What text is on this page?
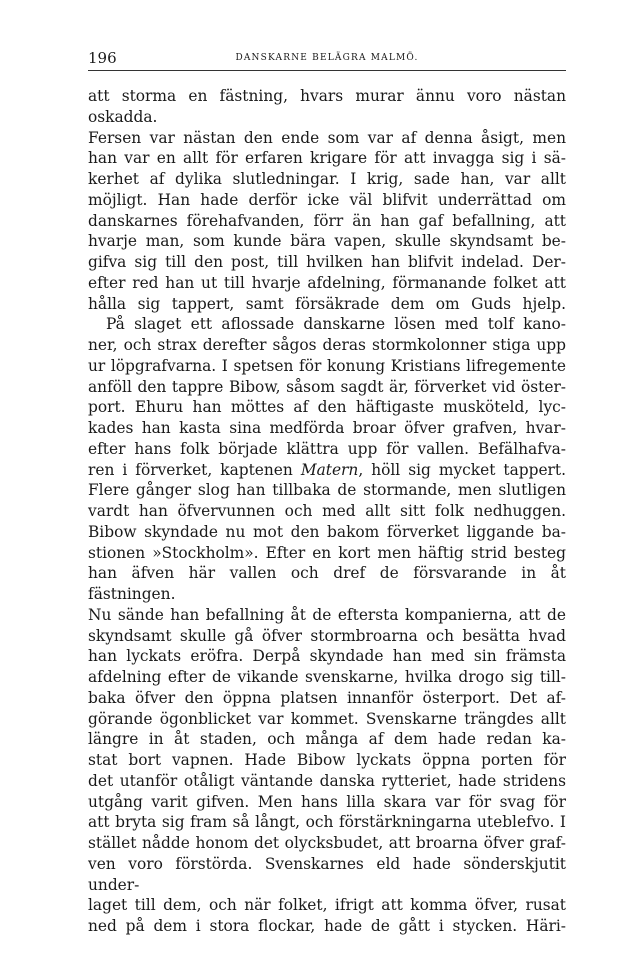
196	DANSKARNE BELÄGRA MALMÖ.

att storma en fästning, hvars murar ännu voro nästan oskadda.

Fersen var nästan den ende som var af denna åsigt, men

han var en allt för erfaren krigare för att invagga sig i sä-

kerhet af dylika slutledningar. I krig, sade han, var allt

möjligt. Han hade derför icke väl blifvit underrättad om

danskarnes förehafvanden, förr än han gaf befallning, att

hvarje man, som kunde bära vapen, skulle skyndsamt be-

gifva sig till den post, till hvilken han blifvit indelad. Der-

efter red han ut till hvarje afdelning, förmanande folket att

hålla sig tappert, samt försäkrade dem om Guds hjelp.

På slaget ett aflossade danskarne lösen med tolf kano-

ner, och strax derefter sågos deras stormkolonner stiga upp

ur löpgrafvarna. I spetsen för konung Kristians lifregemente

anföll den tappre Bibow, såsom sagdt är, förverket vid öster-

port. Ehuru han möttes af den häftigaste musköteld, lyc-

kades han kasta sina medförda broar öfver grafven, hvar-

efter hans folk började klättra upp för vallen. Befälhafva-

ren i förverket, kaptenen Matern, höll sig mycket tappert.

Flere gånger slog han tillbaka de stormande, men slutligen

vardt han öfvervunnen och med allt sitt folk nedhuggen.

Bibow skyndade nu mot den bakom förverket liggande ba-

stionen »Stockholm». Efter en kort men häftig strid besteg

han äfven här vallen och dref de försvarande in åt fästningen.

Nu sände han befallning åt de eftersta kompanierna, att de

skyndsamt skulle gå öfver stormbroarna och besätta hvad

han lyckats eröfra. Derpå skyndade han med sin främsta

afdelning efter de vikande svenskarne, hvilka drogo sig till-

baka öfver den öppna platsen innanför österport. Det af-

görande ögonblicket var kommet. Svenskarne trängdes allt

längre in åt staden, och många af dem hade redan ka-

stat bort vapnen. Hade Bibow lyckats öppna porten för

det utanför otåligt väntande danska rytteriet, hade stridens

utgång varit gifven. Men hans lilla skara var för svag för

att bryta sig fram så långt, och förstärkningarna uteblefvo. I

stället nådde honom det olycksbudet, att broarna öfver graf-

ven voro förstörda. Svenskarnes eld hade sönderskjutit under-

laget till dem, och när folket, ifrigt att komma öfver, rusat

ned på dem i stora flockar, hade de gått i stycken. Häri-
